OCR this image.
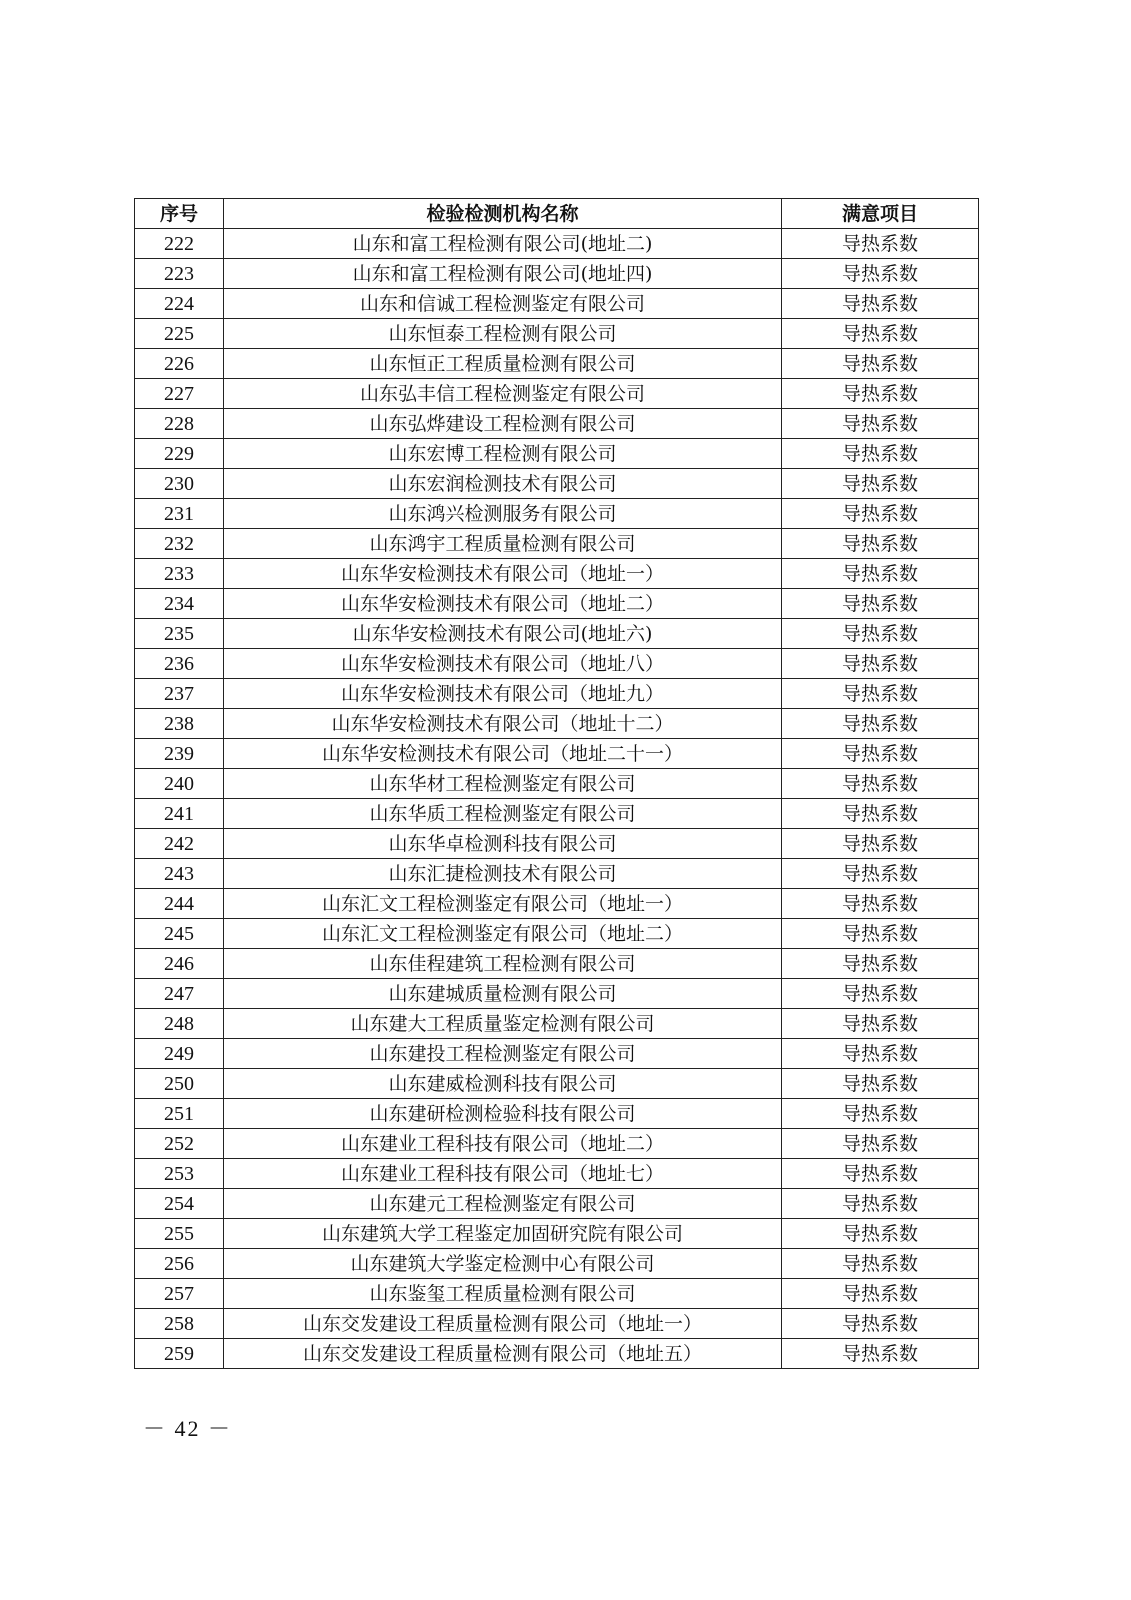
序号	检验检测机构名称	满意项目
222	山东和富工程检测有限公司(地址二)	导热系数
223	山东和富工程检测有限公司(地址四)	导热系数
224	山东和信诚工程检测鉴定有限公司	导热系数
225	山东恒泰工程检测有限公司	导热系数
226	山东恒正工程质量检测有限公司	导热系数
227	山东弘丰信工程检测鉴定有限公司	导热系数
228	山东弘烨建设工程检测有限公司	导热系数
229	山东宏博工程检测有限公司	导热系数
230	山东宏润检测技术有限公司	导热系数
231	山东鸿兴检测服务有限公司	导热系数
232	山东鸿宇工程质量检测有限公司	导热系数
233	山东华安检测技术有限公司（地址一）	导热系数
234	山东华安检测技术有限公司（地址二）	导热系数
235	山东华安检测技术有限公司(地址六)	导热系数
236	山东华安检测技术有限公司（地址八）	导热系数
237	山东华安检测技术有限公司（地址九）	导热系数
238	山东华安检测技术有限公司（地址十二）	导热系数
239	山东华安检测技术有限公司（地址二十一）	导热系数
240	山东华材工程检测鉴定有限公司	导热系数
241	山东华质工程检测鉴定有限公司	导热系数
242	山东华卓检测科技有限公司	导热系数
243	山东汇捷检测技术有限公司	导热系数
244	山东汇文工程检测鉴定有限公司（地址一）	导热系数
245	山东汇文工程检测鉴定有限公司（地址二）	导热系数
246	山东佳程建筑工程检测有限公司	导热系数
247	山东建城质量检测有限公司	导热系数
248	山东建大工程质量鉴定检测有限公司	导热系数
249	山东建投工程检测鉴定有限公司	导热系数
250	山东建威检测科技有限公司	导热系数
251	山东建研检测检验科技有限公司	导热系数
252	山东建业工程科技有限公司（地址二）	导热系数
253	山东建业工程科技有限公司（地址七）	导热系数
254	山东建元工程检测鉴定有限公司	导热系数
255	山东建筑大学工程鉴定加固研究院有限公司	导热系数
256	山东建筑大学鉴定检测中心有限公司	导热系数
257	山东鉴玺工程质量检测有限公司	导热系数
258	山东交发建设工程质量检测有限公司（地址一）	导热系数
259	山东交发建设工程质量检测有限公司（地址五）	导热系数
－ 42 －
